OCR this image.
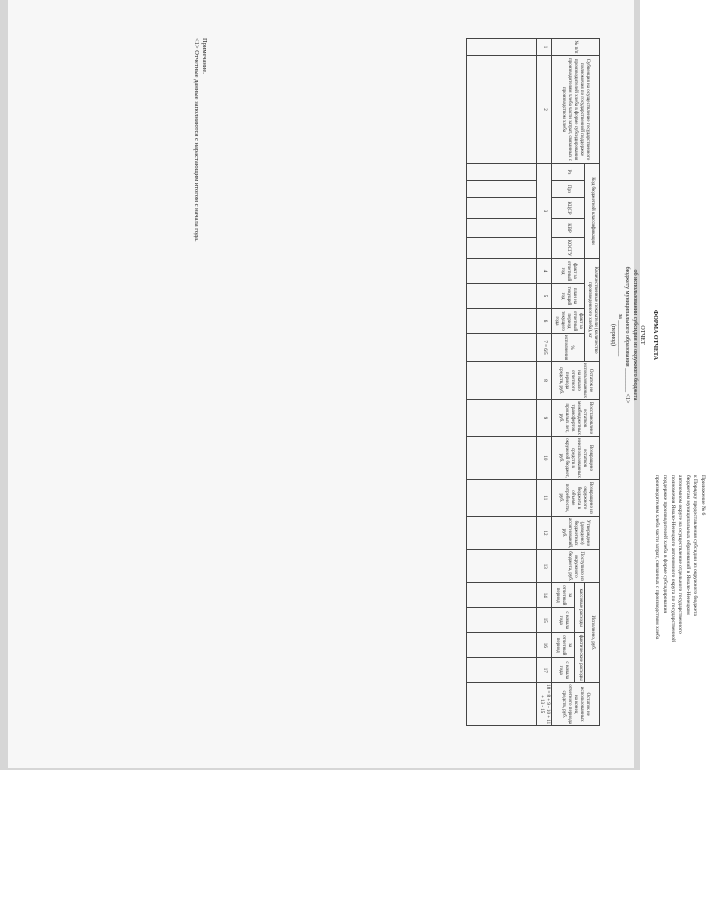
Приложение № 6
к Порядку предоставления субсидии из окружного бюджета
бюджетам муниципальных образований в Ямало-Ненецком
автономном округе на осуществление отдельного государственного
полномочия Ямало-Ненецкого автономного округа по государственной
поддержке производителей хлеба в форме субсидирования
производителям хлеба части затрат, связанных с производством хлеба
ФОРМА ОТЧЕТА
ОТЧЕТ
об использовании субсидии из окружного бюджета
бюджету муниципального образования ________ <1>
за ____________
(период)
№ п/п	Субвенция на осуществление государственного полномочия по государственной поддержке производителей хлеба в форме субсидирования производителям хлеба части затрат, связанных с производством хлеба	Код бюджетной классификации					Количественные показатели (количество произведенного хлеба), кг				Остаток не использованных на начало отчетного периода средств, руб.	Восстановлено остатков межбюджетных трансфертов прошлых лет, руб.	Возвращено остатков неиспользованных средств в окружной бюджет, руб.	Возвращено из окружного бюджета в объеме потребности, руб.	Утверждено (доведено) бюджетных ассигнований, руб.	Поступило из окружного бюджета, руб.	Исполнено, руб.				Остаток не использованных на конец отчетного периода средств, руб.
		Рз	Прз	КЦСР	КВР	КОСГУ	факт за отчетный год	план на текущий год	факт за отчетный период текущего года	% исполнения							кассовые расходы		фактические расходы		
																	за отчетный период	с начала года	за отчетный период	с начала года	
1	2	3					4	5	6	7 = 6/5	8	9	10	11	12	13	14	15	16	17	18 = 8 + 9 - 10 + 11 + 13 - 15

Примечание.
<1> Отчетные данные заполняются с нарастающим итогом с начала года.
